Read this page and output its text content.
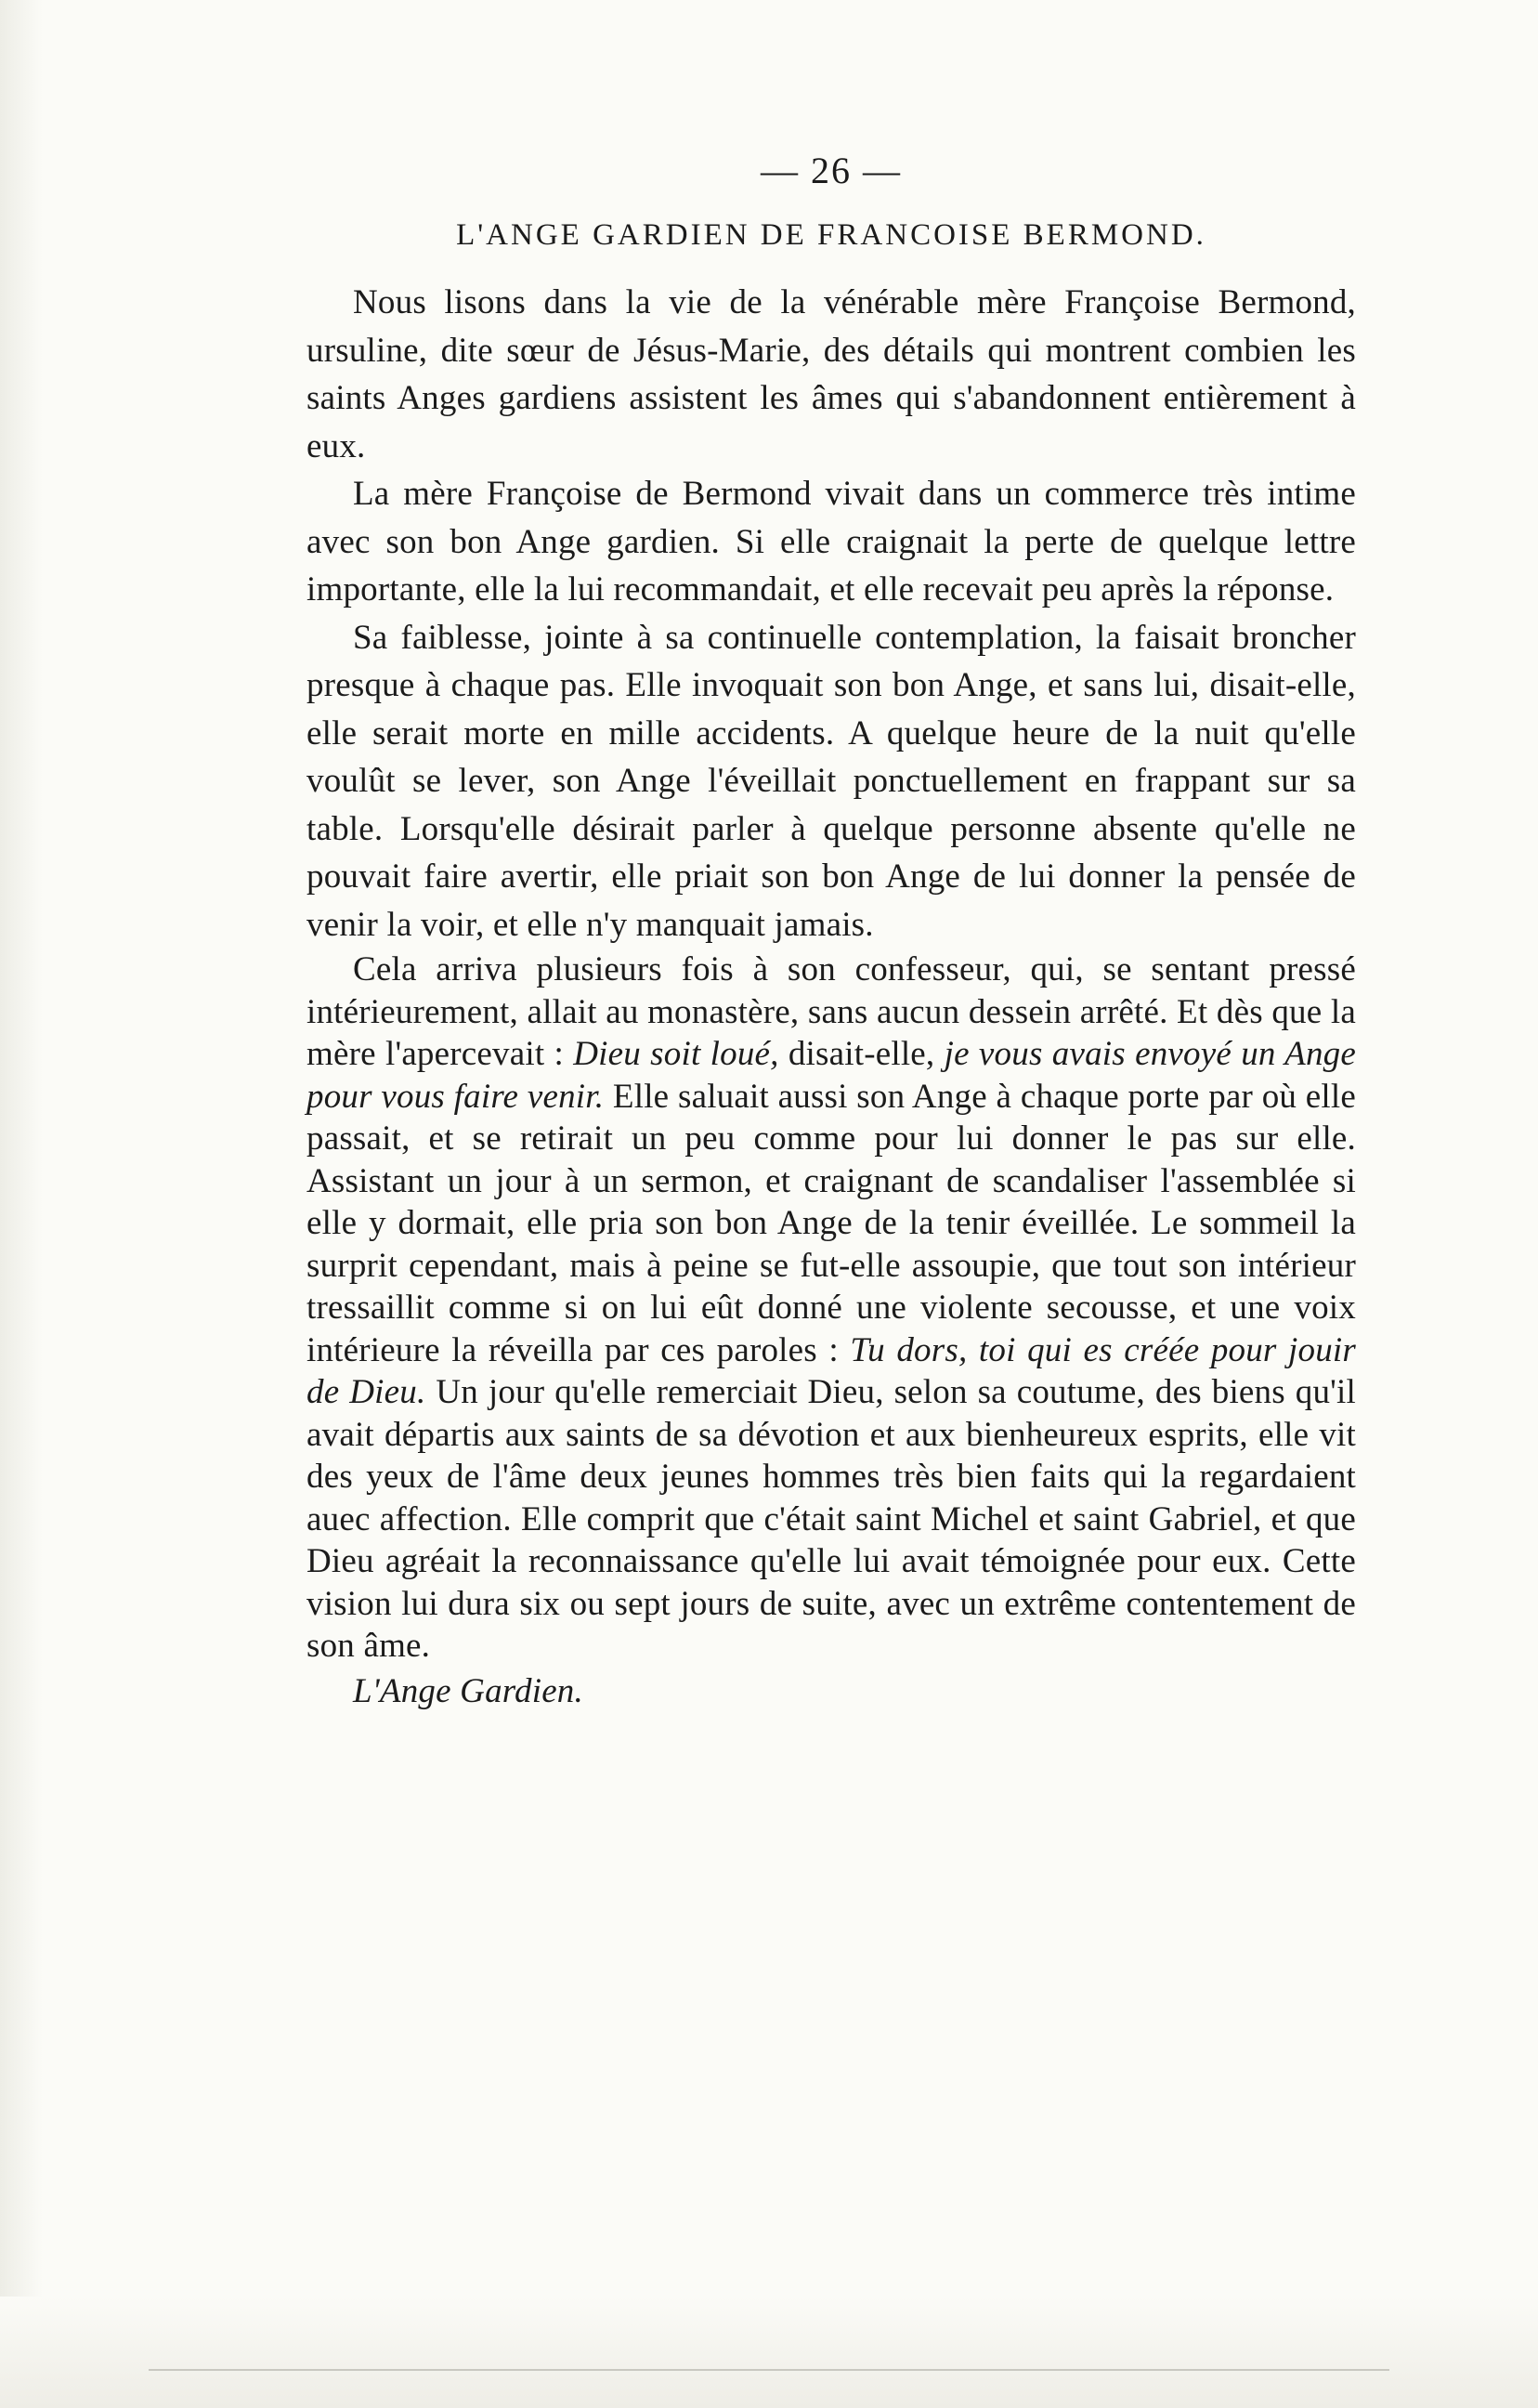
— 26 —
L'ANGE GARDIEN DE FRANCOISE BERMOND.

Nous lisons dans la vie de la vénérable mère Françoise Bermond, ursuline, dite sœur de Jésus-Marie, des détails qui montrent combien les saints Anges gardiens assistent les âmes qui s'abandonnent entièrement à eux.

La mère Françoise de Bermond vivait dans un commerce très intime avec son bon Ange gardien. Si elle craignait la perte de quelque lettre importante, elle la lui recommandait, et elle recevait peu après la réponse.

Sa faiblesse, jointe à sa continuelle contemplation, la faisait broncher presque à chaque pas. Elle invoquait son bon Ange, et sans lui, disait-elle, elle serait morte en mille accidents. A quelque heure de la nuit qu'elle voulût se lever, son Ange l'éveillait ponctuellement en frappant sur sa table. Lorsqu'elle désirait parler à quelque personne absente qu'elle ne pouvait faire avertir, elle priait son bon Ange de lui donner la pensée de venir la voir, et elle n'y manquait jamais.

Cela arriva plusieurs fois à son confesseur, qui, se sentant pressé intérieurement, allait au monastère, sans aucun dessein arrêté. Et dès que la mère l'apercevait : Dieu soit loué, disait-elle, je vous avais envoyé un Ange pour vous faire venir. Elle saluait aussi son Ange à chaque porte par où elle passait, et se retirait un peu comme pour lui donner le pas sur elle. Assistant un jour à un sermon, et craignant de scandaliser l'assemblée si elle y dormait, elle pria son bon Ange de la tenir éveillée. Le sommeil la surprit cependant, mais à peine se fut-elle assoupie, que tout son intérieur tressaillit comme si on lui eût donné une violente secousse, et une voix intérieure la réveilla par ces paroles : Tu dors, toi qui es créée pour jouir de Dieu. Un jour qu'elle remerciait Dieu, selon sa coutume, des biens qu'il avait départis aux saints de sa dévotion et aux bienheureux esprits, elle vit des yeux de l'âme deux jeunes hommes très bien faits qui la regardaient auec affection. Elle comprit que c'était saint Michel et saint Gabriel, et que Dieu agréait la reconnaissance qu'elle lui avait témoignée pour eux. Cette vision lui dura six ou sept jours de suite, avec un extrême contentement de son âme.

L'Ange Gardien.
